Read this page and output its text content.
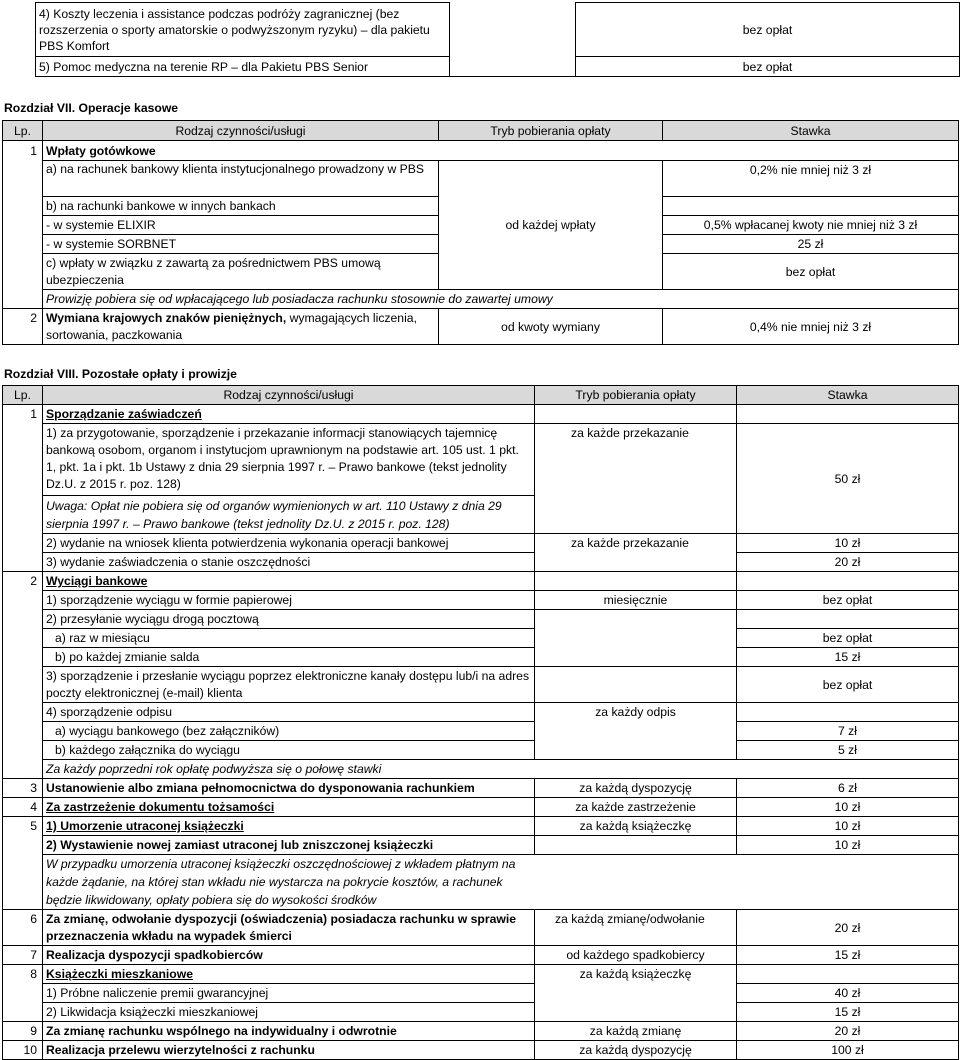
4) Koszty leczenia i assistance podczas podróży zagranicznej (bez rozszerzenia o sporty amatorskie o podwyższonym ryzyku) – dla pakietu PBS Komfort		bez opłat
5) Pomoc medyczna na terenie RP – dla Pakietu PBS Senior		bez opłat
Rozdział VII. Operacje kasowe
Lp.	Rodzaj czynności/usługi	Tryb pobierania opłaty	Stawka
1	Wpłaty gotówkowe		
	a) na rachunek bankowy klienta instytucjonalnego prowadzony w PBS		0,2% nie mniej niż 3 zł
	b) na rachunki bankowe w innych bankach		
	- w systemie ELIXIR	od każdej wpłaty	0,5% wpłacanej kwoty nie mniej niż 3 zł
	- w systemie SORBNET		25 zł
	c) wpłaty w związku z zawartą za pośrednictwem PBS umową ubezpieczenia		bez opłat
	Prowizję pobiera się od wpłacającego lub posiadacza rachunku stosownie do zawartej umowy		
2	Wymiana krajowych znaków pieniężnych, wymagających liczenia, sortowania, paczkowania	od kwoty wymiany	0,4% nie mniej niż 3 zł
Rozdział VIII. Pozostałe opłaty i prowizje
Lp.	Rodzaj czynności/usługi	Tryb pobierania opłaty	Stawka
1	Sporządzanie zaświadczeń		
	1) za przygotowanie, sporządzenie i przekazanie informacji stanowiących tajemnicę bankową osobom, organom i instytucjom uprawnionym na podstawie art. 105 ust. 1 pkt. 1, pkt. 1a i pkt. 1b Ustawy z dnia 29 sierpnia 1997 r. – Prawo bankowe (tekst jednolity Dz.U. z 2015 r. poz. 128)	za każde przekazanie	50 zł
	Uwaga: Opłat nie pobiera się od organów wymienionych w art. 110 Ustawy z dnia 29 sierpnia 1997 r. – Prawo bankowe (tekst jednolity Dz.U. z 2015 r. poz. 128)		
	2) wydanie na wniosek klienta potwierdzenia wykonania operacji bankowej	za każde przekazanie	10 zł
	3) wydanie zaświadczenia o stanie oszczędności		20 zł
2	Wyciągi bankowe		
	1) sporządzenie wyciągu w formie papierowej	miesięcznie	bez opłat
	2) przesyłanie wyciągu drogą pocztową		
	a) raz w miesiącu		bez opłat
	b) po każdej zmianie salda		15 zł
	3) sporządzenie i przesłanie wyciągu poprzez elektroniczne kanały dostępu lub/i na adres poczty elektronicznej (e-mail) klienta		bez opłat
	4) sporządzenie odpisu	za każdy odpis	
	a) wyciągu bankowego (bez załączników)		7 zł
	b) każdego załącznika do wyciągu		5 zł
	Za każdy poprzedni rok opłatę podwyższa się o połowę stawki		
3	Ustanowienie albo zmiana pełnomocnictwa do dysponowania rachunkiem	za każdą dyspozycję	6 zł
4	Za zastrzeżenie dokumentu tożsamości	za każde zastrzeżenie	10 zł
5	1) Umorzenie utraconej książeczki	za każdą książeczkę	10 zł
	2) Wystawienie nowej zamiast utraconej lub zniszczonej książeczki		10 zł

	W przypadku umorzenia utraconej książeczki oszczędnościowej z wkładem płatnym na każde żądanie, na której stan wkładu nie wystarcza na pokrycie kosztów, a rachunek będzie likwidowany, opłaty pobiera się do wysokości środków		

6	Za zmianę, odwołanie dyspozycji (oświadczenia) posiadacza rachunku w sprawie przeznaczenia wkładu na wypadek śmierci	za każdą zmianę/odwołanie	20 zł
7	Realizacja dyspozycji spadkobierców	od każdego spadkobiercy	15 zł
8	Książeczki mieszkaniowe	za każdą książeczkę	
	1) Próbne naliczenie premii gwarancyjnej		40 zł
	2) Likwidacja książeczki mieszkaniowej		15 zł
9	Za zmianę rachunku wspólnego na indywidualny i odwrotnie	za każdą zmianę	20 zł
10	Realizacja przelewu wierzytelności z rachunku	za każdą dyspozycję	100 zł
